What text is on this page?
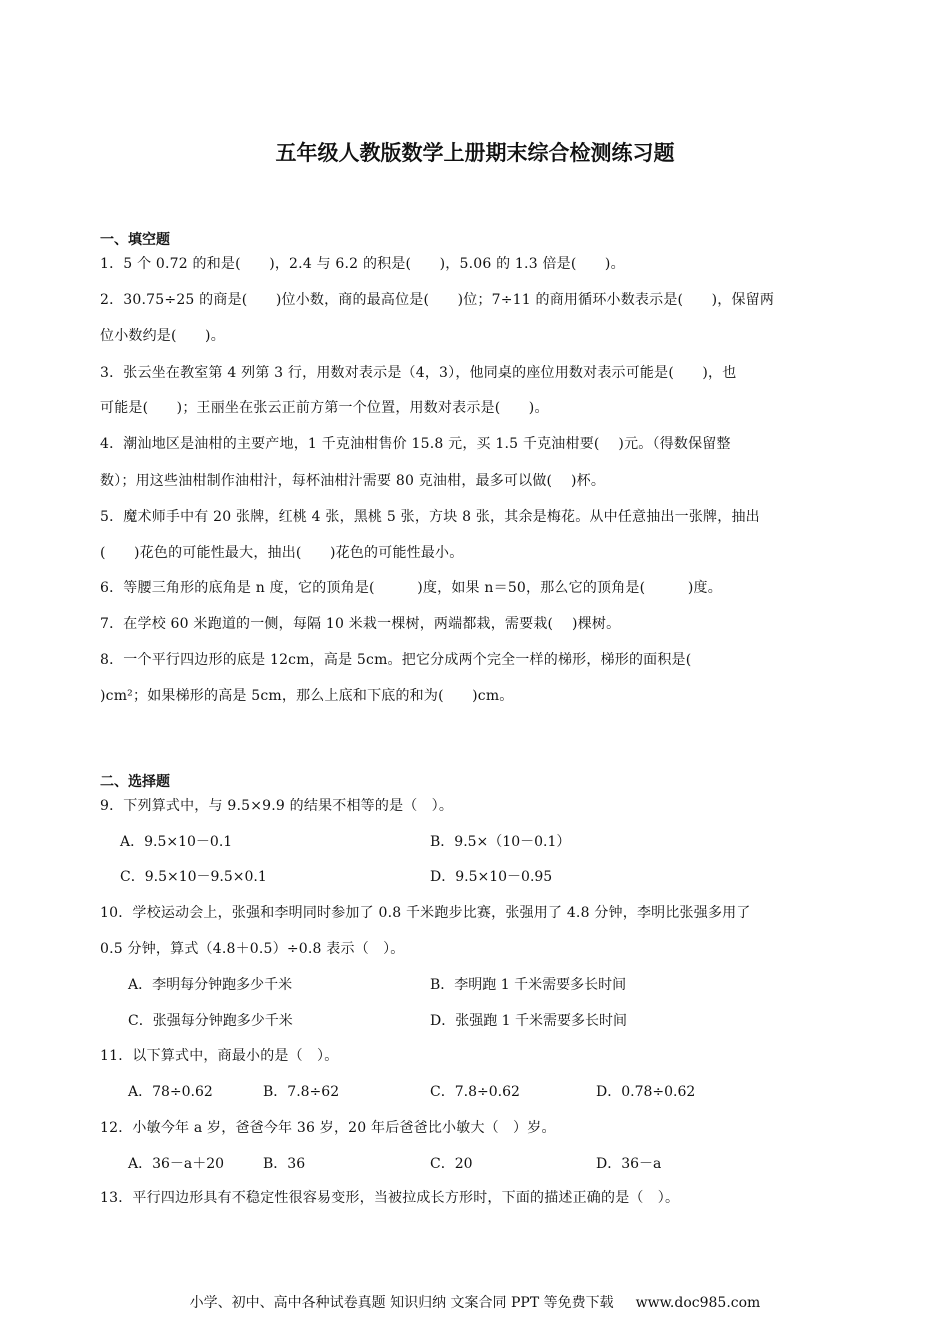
五年级人教版数学上册期末综合检测练习题
一、填空题
1．5 个 0.72 的和是(　　)，2.4 与 6.2 的积是(　　)，5.06 的 1.3 倍是(　　)。
2．30.75÷25 的商是(　　)位小数，商的最高位是(　　)位；7÷11 的商用循环小数表示是(　　)，保留两
位小数约是(　　)。
3．张云坐在教室第 4 列第 3 行，用数对表示是（4，3），他同桌的座位用数对表示可能是(　　)，也
可能是(　　)；王丽坐在张云正前方第一个位置，用数对表示是(　　)。
4．潮汕地区是油柑的主要产地，1 千克油柑售价 15.8 元，买 1.5 千克油柑要(　 )元。（得数保留整
数）；用这些油柑制作油柑汁，每杯油柑汁需要 80 克油柑，最多可以做(　 )杯。
5．魔术师手中有 20 张牌，红桃 4 张，黑桃 5 张，方块 8 张，其余是梅花。从中任意抽出一张牌，抽出
(　　)花色的可能性最大，抽出(　　)花色的可能性最小。
6．等腰三角形的底角是 n 度，它的顶角是(　　　)度，如果 n＝50，那么它的顶角是(　　　)度。
7．在学校 60 米跑道的一侧，每隔 10 米栽一棵树，两端都栽，需要栽(　 )棵树。
8．一个平行四边形的底是 12cm，高是 5cm。把它分成两个完全一样的梯形，梯形的面积是(
)cm²；如果梯形的高是 5cm，那么上底和下底的和为(　　)cm。
二、选择题
9．下列算式中，与 9.5×9.9 的结果不相等的是（　）。
A．9.5×10－0.1	B．9.5×（10－0.1）
C．9.5×10－9.5×0.1	D．9.5×10－0.95
10．学校运动会上，张强和李明同时参加了 0.8 千米跑步比赛，张强用了 4.8 分钟，李明比张强多用了
0.5 分钟，算式（4.8＋0.5）÷0.8 表示（　）。
A．李明每分钟跑多少千米	B．李明跑 1 千米需要多长时间
C．张强每分钟跑多少千米	D．张强跑 1 千米需要多长时间
11．以下算式中，商最小的是（　）。
A．78÷0.62	B．7.8÷62	C．7.8÷0.62	D．0.78÷0.62
12．小敏今年 a 岁，爸爸今年 36 岁，20 年后爸爸比小敏大（　）岁。
A．36－a＋20	B．36	C．20	D．36－a
13．平行四边形具有不稳定性很容易变形，当被拉成长方形时，下面的描述正确的是（　）。
小学、初中、高中各种试卷真题 知识归纳 文案合同 PPT 等免费下载 www.doc985.com
